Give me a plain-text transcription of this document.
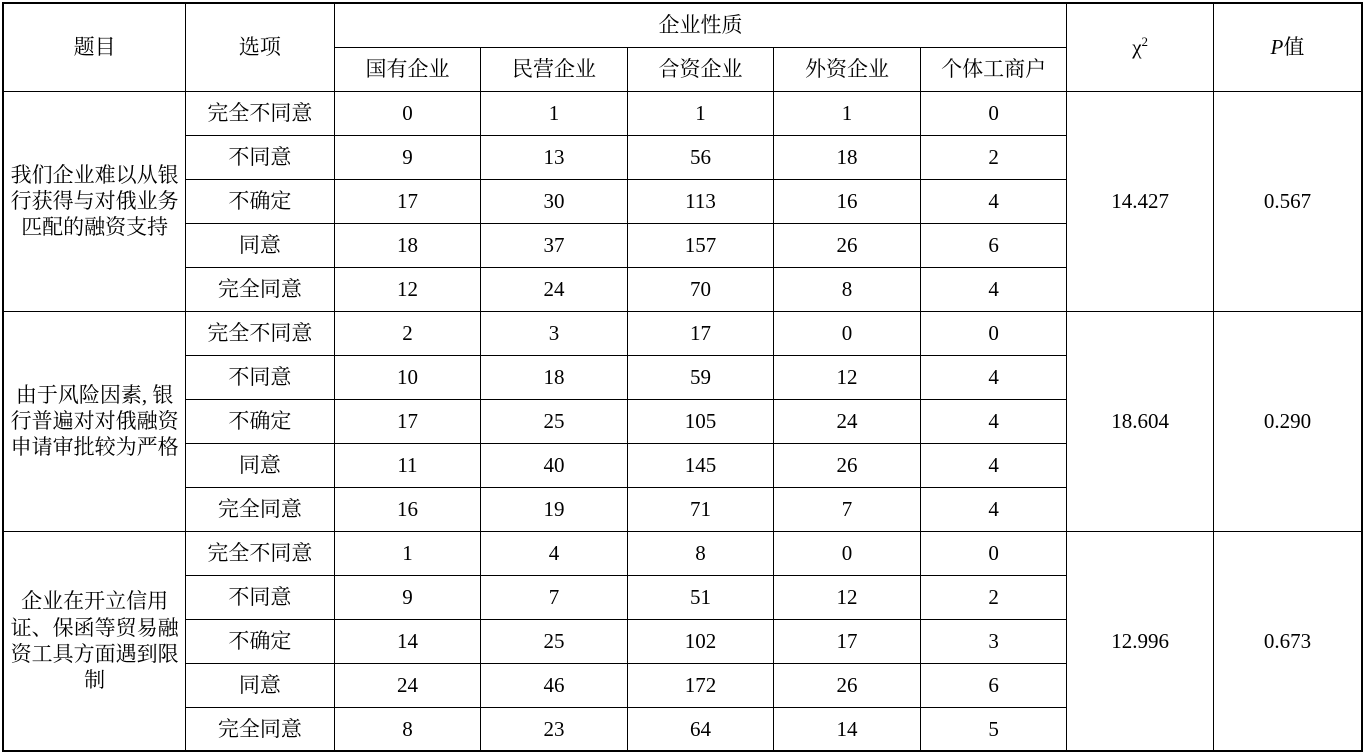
题目	选项	企业性质					$\chi^2$	P值
		国有企业	民营企业	合资企业	外资企业	个体工商户		
我们企业难以从银行获得与对俄业务匹配的融资支持	完全不同意	0	1	1	1	0	14.427	0.567
	不同意	9	13	56	18	2		
	不确定	17	30	113	16	4		
	同意	18	37	157	26	6		
	完全同意	12	24	70	8	4		
由于风险因素, 银行普遍对对俄融资申请审批较为严格	完全不同意	2	3	17	0	0	18.604	0.290
	不同意	10	18	59	12	4		
	不确定	17	25	105	24	4		
	同意	11	40	145	26	4		
	完全同意	16	19	71	7	4		
企业在开立信用证、保函等贸易融资工具方面遇到限制	完全不同意	1	4	8	0	0	12.996	0.673
	不同意	9	7	51	12	2		
	不确定	14	25	102	17	3		
	同意	24	46	172	26	6		
	完全同意	8	23	64	14	5		
